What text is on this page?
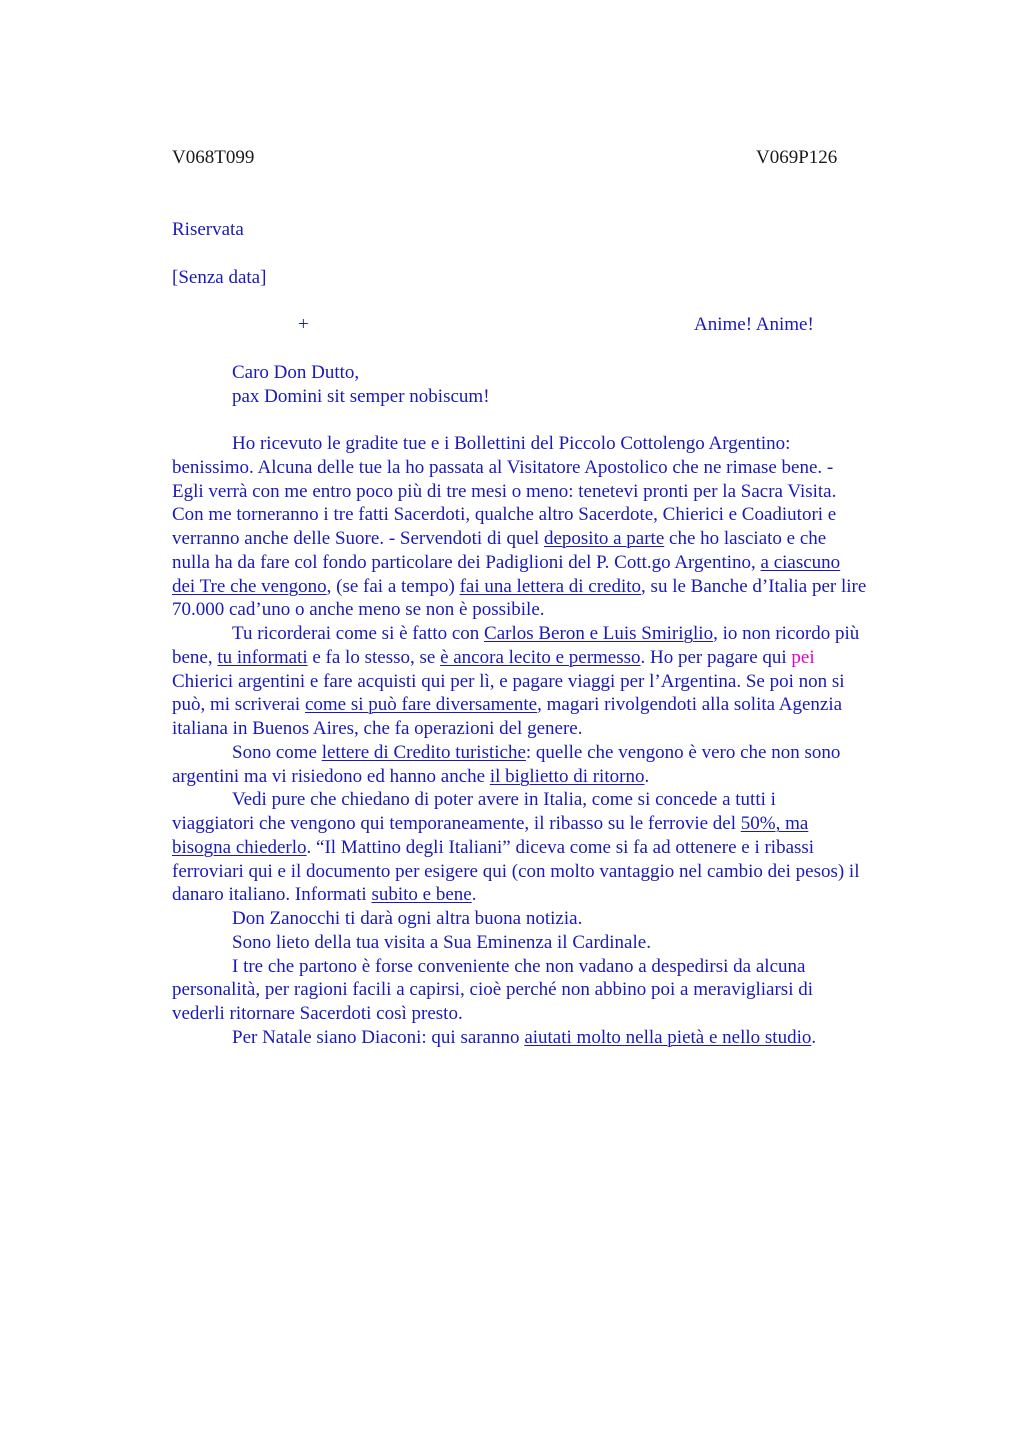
V068T099	V069P126
Riservata
[Senza data]
+	Anime! Anime!
Caro Don Dutto,
pax Domini sit semper nobiscum!
Ho ricevuto le gradite tue e i Bollettini del Piccolo Cottolengo Argentino:
benissimo. Alcuna delle tue la ho passata al Visitatore Apostolico che ne rimase bene. -
Egli verrà con me entro poco più di tre mesi o meno: tenetevi pronti per la Sacra Visita.
Con me torneranno i tre fatti Sacerdoti, qualche altro Sacerdote, Chierici e Coadiutori e
verranno anche delle Suore. - Servendoti di quel deposito a parte che ho lasciato e che
nulla ha da fare col fondo particolare dei Padiglioni del P. Cott.go Argentino, a ciascuno
dei Tre che vengono, (se fai a tempo) fai una lettera di credito, su le Banche d’Italia per lire
70.000 cad’uno o anche meno se non è possibile.
Tu ricorderai come si è fatto con Carlos Beron e Luis Smiriglio, io non ricordo più
bene, tu informati e fa lo stesso, se è ancora lecito e permesso. Ho per pagare qui pei
Chierici argentini e fare acquisti qui per lì, e pagare viaggi per l’Argentina. Se poi non si
può, mi scriverai come si può fare diversamente, magari rivolgendoti alla solita Agenzia
italiana in Buenos Aires, che fa operazioni del genere.
Sono come lettere di Credito turistiche: quelle che vengono è vero che non sono
argentini ma vi risiedono ed hanno anche il biglietto di ritorno.
Vedi pure che chiedano di poter avere in Italia, come si concede a tutti i
viaggiatori che vengono qui temporaneamente, il ribasso su le ferrovie del 50%, ma
bisogna chiederlo. “Il Mattino degli Italiani” diceva come si fa ad ottenere e i ribassi
ferroviari qui e il documento per esigere qui (con molto vantaggio nel cambio dei pesos) il
danaro italiano. Informati subito e bene.
Don Zanocchi ti darà ogni altra buona notizia.
Sono lieto della tua visita a Sua Eminenza il Cardinale.
I tre che partono è forse conveniente che non vadano a despedirsi da alcuna
personalità, per ragioni facili a capirsi, cioè perché non abbino poi a meravigliarsi di
vederli ritornare Sacerdoti così presto.
Per Natale siano Diaconi: qui saranno aiutati molto nella pietà e nello studio.
